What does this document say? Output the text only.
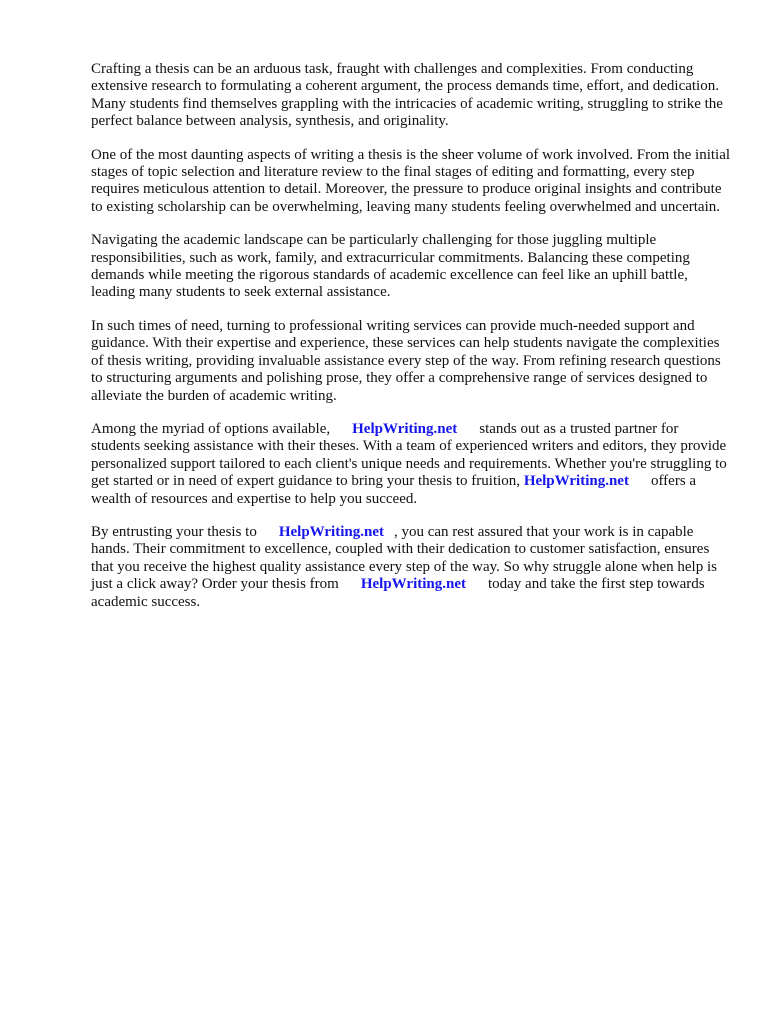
Crafting a thesis can be an arduous task, fraught with challenges and complexities. From conducting extensive research to formulating a coherent argument, the process demands time, effort, and dedication. Many students find themselves grappling with the intricacies of academic writing, struggling to strike the perfect balance between analysis, synthesis, and originality.

One of the most daunting aspects of writing a thesis is the sheer volume of work involved. From the initial stages of topic selection and literature review to the final stages of editing and formatting, every step requires meticulous attention to detail. Moreover, the pressure to produce original insights and contribute to existing scholarship can be overwhelming, leaving many students feeling overwhelmed and uncertain.

Navigating the academic landscape can be particularly challenging for those juggling multiple responsibilities, such as work, family, and extracurricular commitments. Balancing these competing demands while meeting the rigorous standards of academic excellence can feel like an uphill battle, leading many students to seek external assistance.

In such times of need, turning to professional writing services can provide much-needed support and guidance. With their expertise and experience, these services can help students navigate the complexities of thesis writing, providing invaluable assistance every step of the way. From refining research questions to structuring arguments and polishing prose, they offer a comprehensive range of services designed to alleviate the burden of academic writing.

Among the myriad of options available, HelpWriting.net stands out as a trusted partner for students seeking assistance with their theses. With a team of experienced writers and editors, they provide personalized support tailored to each client's unique needs and requirements. Whether you're struggling to get started or in need of expert guidance to bring your thesis to fruition, HelpWriting.net offers a wealth of resources and expertise to help you succeed.

By entrusting your thesis to HelpWriting.net , you can rest assured that your work is in capable hands. Their commitment to excellence, coupled with their dedication to customer satisfaction, ensures that you receive the highest quality assistance every step of the way. So why struggle alone when help is just a click away? Order your thesis from HelpWriting.net today and take the first step towards academic success.
